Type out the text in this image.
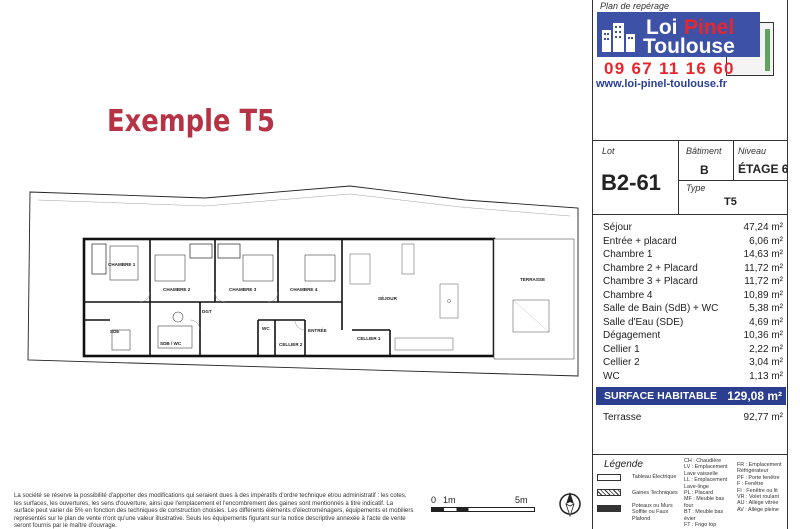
Exemple T5
CHAMBRE 1
CHAMBRE 2	CHAMBRE 3	CHAMBRE 4
SÉJOUR
TERRASSE
DGT
SDE
SDB / WC
WC
CELLIER 2
ENTRÉE
CELLIER 1
La société se réserve la possibilité d'apporter des modifications qui seraient dues à des impératifs d'ordre technique et/ou administratif : les cotes, les surfaces, les ouvertures, les sens d'ouverture, ainsi que l'emplacement et l'encombrement des gaines sont mentionnés à titre indicatif. La surface peut varier de 5% en fonction des techniques de construction choisies. Les différents éléments d'électroménagers, équipements et mobiliers représentés sur le plan de vente n'ont qu'une valeur illustrative. Seuls les équipements figurant sur la notice descriptive annexée à l'acte de vente seront fournis par le maître d'ouvrage.
0 1m	5m
Plan de repérage
Loi Pinel
Toulouse
09 67 11 16 60
www.loi-pinel-toulouse.fr
Lot
B2-61
Bâtiment
B
Niveau
ÉTAGE 6
Type
T5
Séjour	47,24 m²
Entrée + placard	6,06 m²
Chambre 1	14,63 m²
Chambre 2 + Placard	11,72 m²
Chambre 3 + Placard	11,72 m²
Chambre 4	10,89 m²
Salle de Bain (SdB) + WC	5,38 m²
Salle d'Eau (SDE)	4,69 m²
Dégagement	10,36 m²
Cellier 1	2,22 m²
Cellier 2	3,04 m²
WC	1,13 m²
SURFACE HABITABLE 129,08 m²
Terrasse	92,77 m²
Légende
Tableau Électrique
Gaines Techniques
Poteaux ou Murs Soffite ou Faux Plafond
CH : Chaudière
LV : Emplacement Lave vaisselle
LL : Emplacement Lave-linge
PL : Placard
MF : Meuble bas four
BT : Meuble bas évier
FT : Frigo top
FR : Emplacement Réfrigérateur
PF : Porte fenêtre
F : Fenêtre
FI : Fenêtre ou lit
VR : Volet roulant
AU : Allège vitrée
AV : Allège pleine
